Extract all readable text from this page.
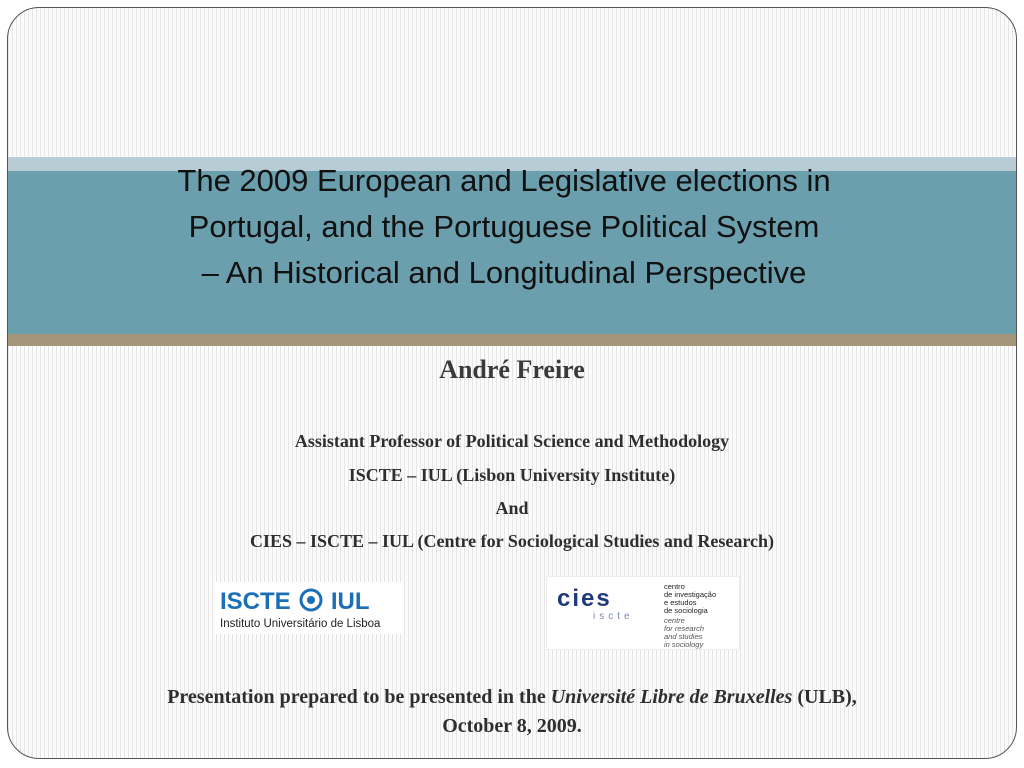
The 2009 European and Legislative elections in
Portugal, and the Portuguese Political System
– An Historical and Longitudinal Perspective
André Freire
Assistant Professor of Political Science and Methodology
ISCTE – IUL (Lisbon University Institute)
And
CIES – ISCTE – IUL (Centre for Sociological Studies and Research)
ISCTE IUL
Instituto Universitário de Lisboa
cies
iscte
centro
de investigação
e estudos
de sociologia
centre
for research
and studies
in sociology
Presentation prepared to be presented in the Université Libre de Bruxelles (ULB),
October 8, 2009.
